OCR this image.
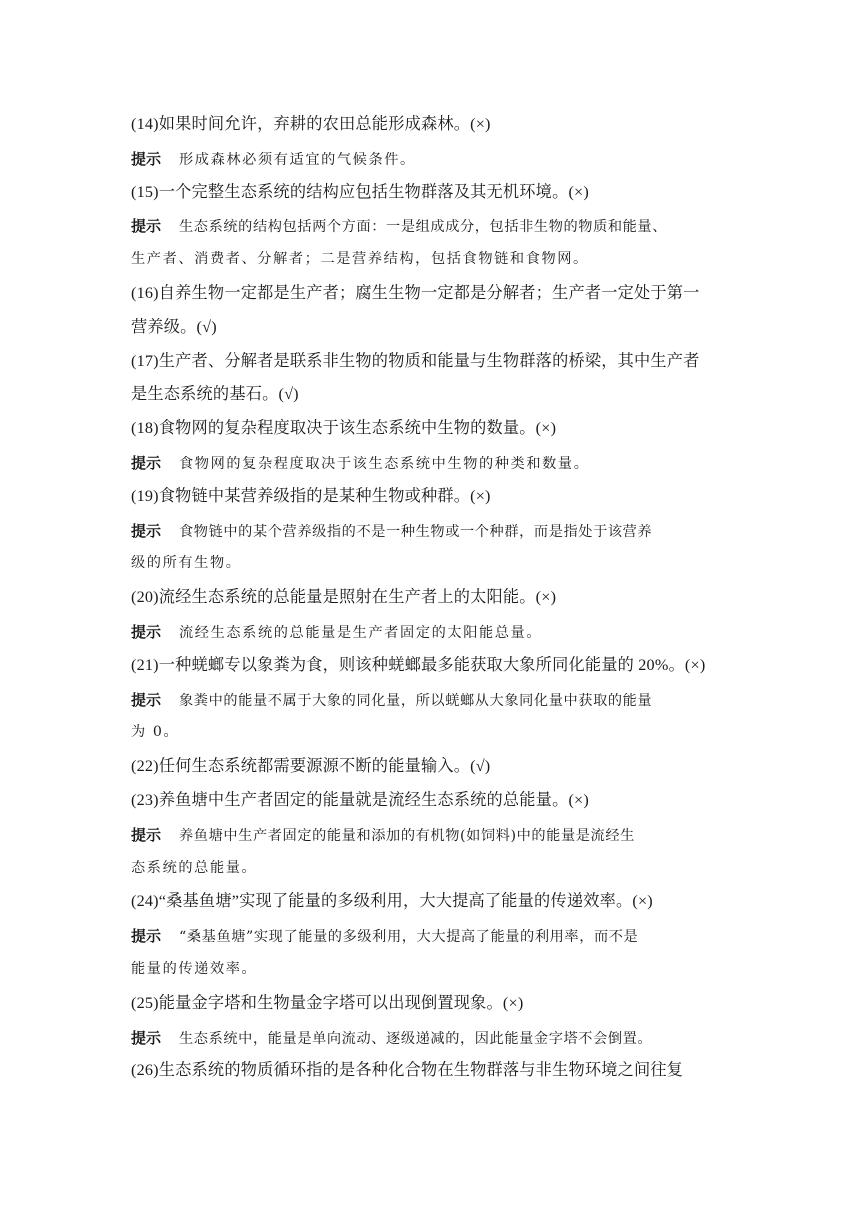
(14)如果时间允许，弃耕的农田总能形成森林。(×)
提示 形成森林必须有适宜的气候条件。
(15)一个完整生态系统的结构应包括生物群落及其无机环境。(×)
提示 生态系统的结构包括两个方面：一是组成成分，包括非生物的物质和能量、
生产者、消费者、分解者；二是营养结构，包括食物链和食物网。
(16)自养生物一定都是生产者；腐生生物一定都是分解者；生产者一定处于第一
营养级。(√)
(17)生产者、分解者是联系非生物的物质和能量与生物群落的桥梁，其中生产者
是生态系统的基石。(√)
(18)食物网的复杂程度取决于该生态系统中生物的数量。(×)
提示 食物网的复杂程度取决于该生态系统中生物的种类和数量。
(19)食物链中某营养级指的是某种生物或种群。(×)
提示 食物链中的某个营养级指的不是一种生物或一个种群，而是指处于该营养
级的所有生物。
(20)流经生态系统的总能量是照射在生产者上的太阳能。(×)
提示 流经生态系统的总能量是生产者固定的太阳能总量。
(21)一种蜣螂专以象粪为食，则该种蜣螂最多能获取大象所同化能量的 20%。(×)
提示 象粪中的能量不属于大象的同化量，所以蜣螂从大象同化量中获取的能量
为 0。
(22)任何生态系统都需要源源不断的能量输入。(√)
(23)养鱼塘中生产者固定的能量就是流经生态系统的总能量。(×)
提示 养鱼塘中生产者固定的能量和添加的有机物(如饲料)中的能量是流经生
态系统的总能量。
(24)“桑基鱼塘”实现了能量的多级利用，大大提高了能量的传递效率。(×)
提示 “桑基鱼塘”实现了能量的多级利用，大大提高了能量的利用率，而不是
能量的传递效率。
(25)能量金字塔和生物量金字塔可以出现倒置现象。(×)
提示 生态系统中，能量是单向流动、逐级递减的，因此能量金字塔不会倒置。
(26)生态系统的物质循环指的是各种化合物在生物群落与非生物环境之间往复
